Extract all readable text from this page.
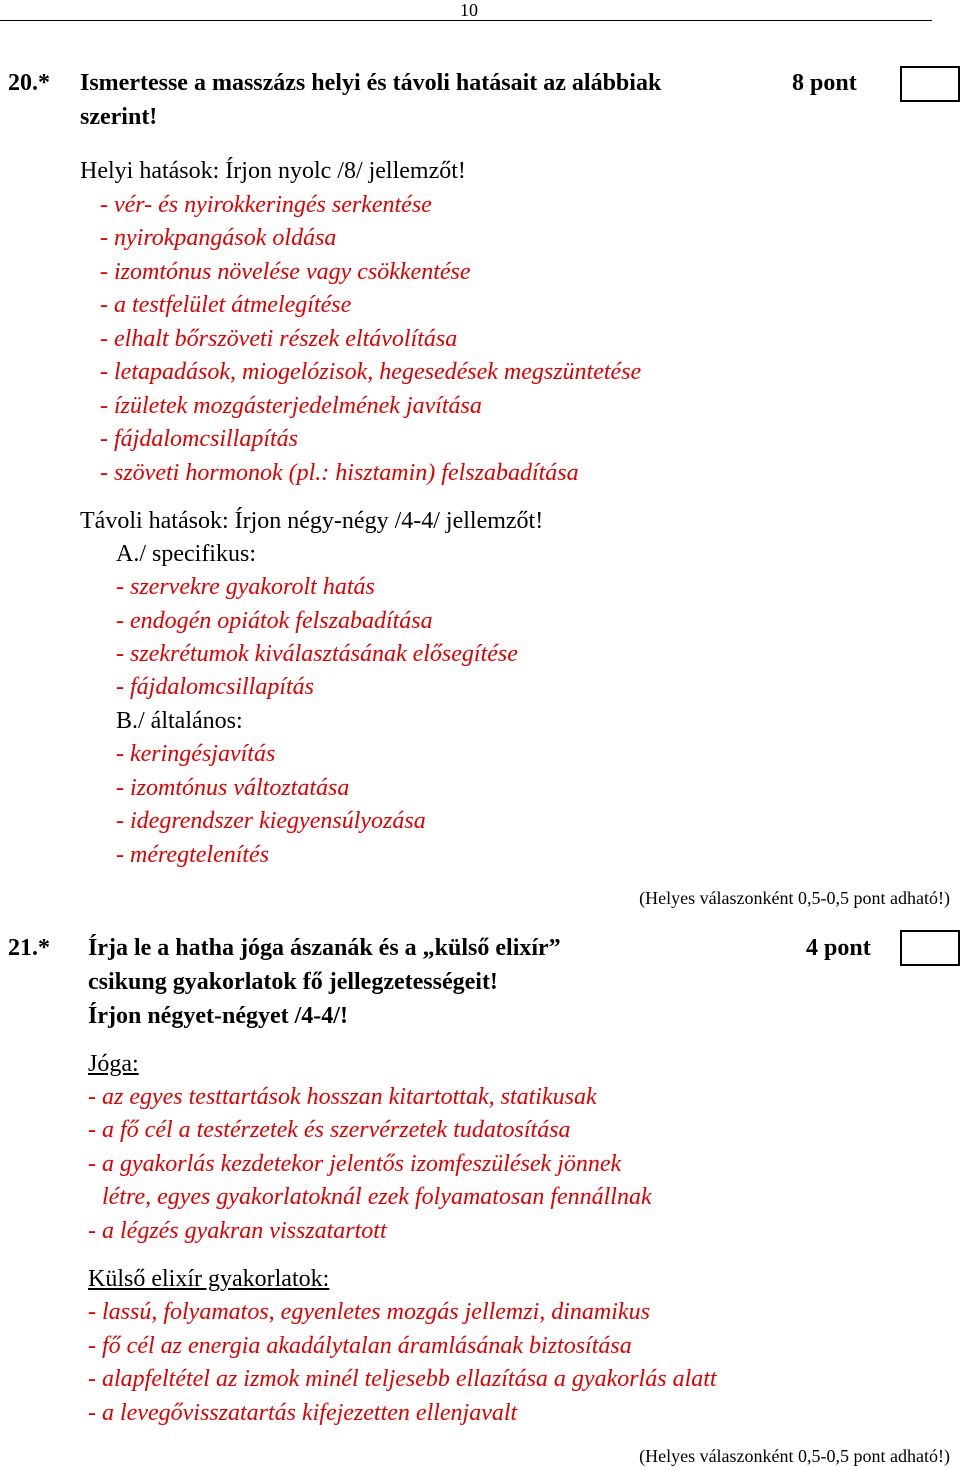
10
20.* Ismertesse a masszázs helyi és távoli hatásait az alábbiak	8 pont
szerint!
Helyi hatások: Írjon nyolc /8/ jellemzőt!
- vér- és nyirokkeringés serkentése
- nyirokpangások oldása
- izomtónus növelése vagy csökkentése
- a testfelület átmelegítése
- elhalt bőrszöveti részek eltávolítása
- letapadások, miogelózisok, hegesedések megszüntetése
- ízületek mozgásterjedelmének javítása
- fájdalomcsillapítás
- szöveti hormonok (pl.: hisztamin) felszabadítása
Távoli hatások: Írjon négy-négy /4-4/ jellemzőt!
A./ specifikus:
- szervekre gyakorolt hatás
- endogén opiátok felszabadítása
- szekrétumok kiválasztásának elősegítése
- fájdalomcsillapítás
B./ általános:
- keringésjavítás
- izomtónus változtatása
- idegrendszer kiegyensúlyozása
- méregtelenítés
(Helyes válaszonként 0,5-0,5 pont adható!)
21.* Írja le a hatha jóga ászanák és a „külső elixír”	4 pont
csikung gyakorlatok fő jellegzetességeit!
Írjon négyet-négyet /4-4/!
Jóga:
- az egyes testtartások hosszan kitartottak, statikusak
- a fő cél a testérzetek és szervérzetek tudatosítása
- a gyakorlás kezdetekor jelentős izomfeszülések jönnek
létre, egyes gyakorlatoknál ezek folyamatosan fennállnak
- a légzés gyakran visszatartott
Külső elixír gyakorlatok:
- lassú, folyamatos, egyenletes mozgás jellemzi, dinamikus
- fő cél az energia akadálytalan áramlásának biztosítása
- alapfeltétel az izmok minél teljesebb ellazítása a gyakorlás alatt
- a levegővisszatartás kifejezetten ellenjavalt
(Helyes válaszonként 0,5-0,5 pont adható!)
